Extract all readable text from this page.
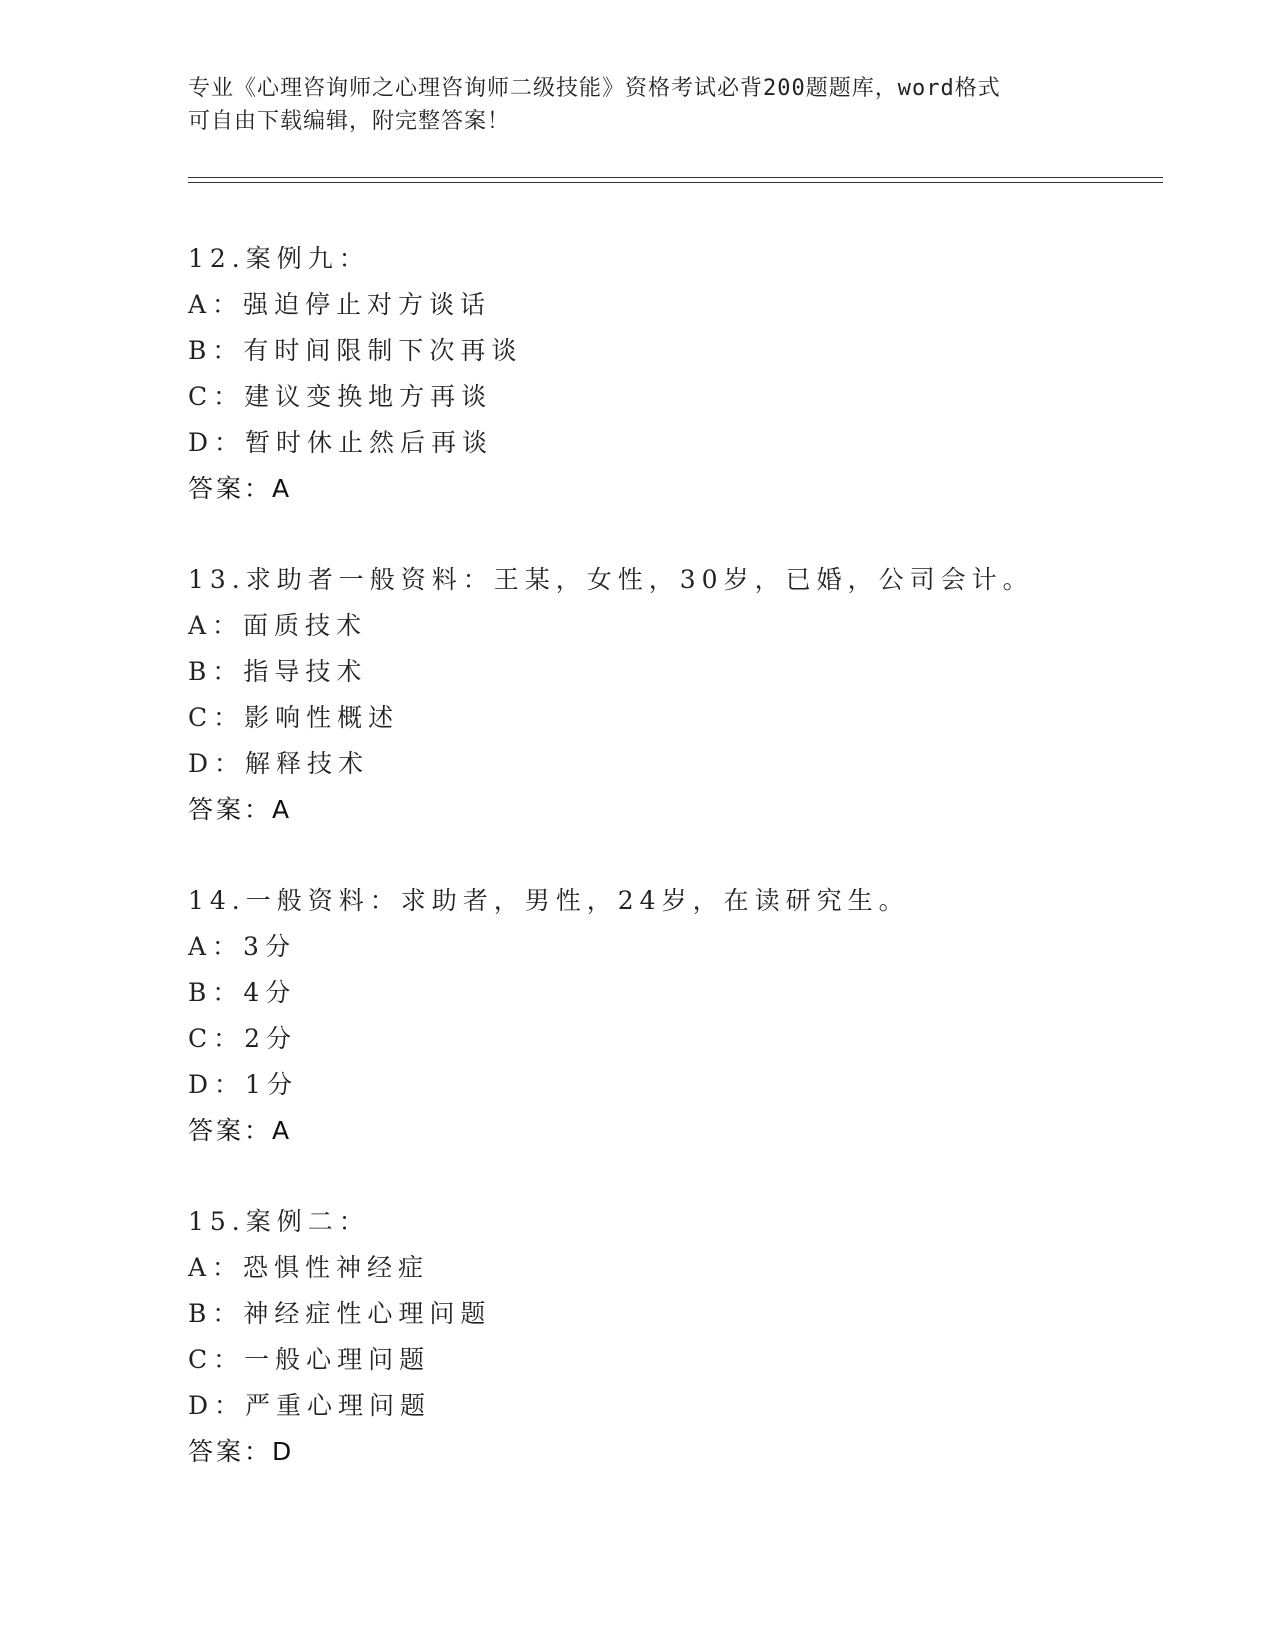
专业《心理咨询师之心理咨询师二级技能》资格考试必背200题题库，word格式
可自由下载编辑，附完整答案！
12.案例九：
A：强迫停止对方谈话
B：有时间限制下次再谈
C：建议变换地方再谈
D：暂时休止然后再谈
答案：A
13.求助者一般资料：王某，女性，30岁，已婚，公司会计。
A：面质技术
B：指导技术
C：影响性概述
D：解释技术
答案：A
14.一般资料：求助者，男性，24岁，在读研究生。
A：3分
B：4分
C：2分
D：1分
答案：A
15.案例二：
A：恐惧性神经症
B：神经症性心理问题
C：一般心理问题
D：严重心理问题
答案：D
